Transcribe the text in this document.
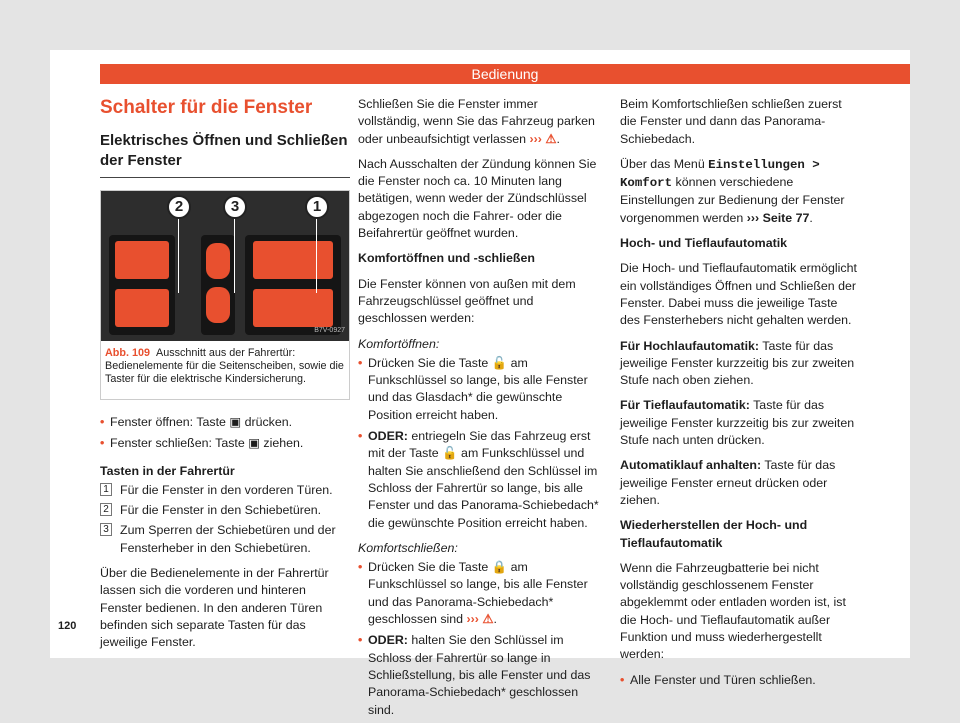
Bedienung
Schalter für die Fenster
Elektrisches Öffnen und Schließen der Fenster
2	3	1
B7V-0927
Abb. 109 Ausschnitt aus der Fahrertür: Bedienelemente für die Seitenscheiben, sowie die Taster für die elektrische Kindersicherung.
• Fenster öffnen: Taste ▣ drücken.
• Fenster schließen: Taste ▣ ziehen.

Tasten in der Fahrertür

1 Für die Fenster in den vorderen Türen.
2 Für die Fenster in den Schiebetüren.
3 Zum Sperren der Schiebetüren und der Fensterheber in den Schiebetüren.

Über die Bedienelemente in der Fahrertür lassen sich die vorderen und hinteren Fenster bedienen. In den anderen Türen befinden sich separate Tasten für das jeweilige Fenster.

Schließen Sie die Fenster immer vollständig, wenn Sie das Fahrzeug parken oder unbeaufsichtigt verlassen ››› ⚠.

Nach Ausschalten der Zündung können Sie die Fenster noch ca. 10 Minuten lang betätigen, wenn weder der Zündschlüssel abgezogen noch die Fahrer- oder die Beifahrertür geöffnet wurden.

Komfortöffnen und -schließen

Die Fenster können von außen mit dem Fahrzeugschlüssel geöffnet und geschlossen werden:

Komfortöffnen:

• Drücken Sie die Taste 🔓 am Funkschlüssel so lange, bis alle Fenster und das Glasdach* die gewünschte Position erreicht haben.
• ODER: entriegeln Sie das Fahrzeug erst mit der Taste 🔓 am Funkschlüssel und halten Sie anschließend den Schlüssel im Schloss der Fahrertür so lange, bis alle Fenster und das Panorama-Schiebedach* die gewünschte Position erreicht haben.

Komfortschließen:

• Drücken Sie die Taste 🔒 am Funkschlüssel so lange, bis alle Fenster und das Panorama-Schiebedach* geschlossen sind ››› ⚠.
• ODER: halten Sie den Schlüssel im Schloss der Fahrertür so lange in Schließstellung, bis alle Fenster und das Panorama-Schiebedach* geschlossen sind.

Beim Komfortschließen schließen zuerst die Fenster und dann das Panorama-Schiebedach.

Über das Menü Einstellungen > Komfort können verschiedene Einstellungen zur Bedienung der Fenster vorgenommen werden ››› Seite 77.

Hoch- und Tieflaufautomatik

Die Hoch- und Tieflaufautomatik ermöglicht ein vollständiges Öffnen und Schließen der Fenster. Dabei muss die jeweilige Taste des Fensterhebers nicht gehalten werden.

Für Hochlaufautomatik: Taste für das jeweilige Fenster kurzzeitig bis zur zweiten Stufe nach oben ziehen.

Für Tieflaufautomatik: Taste für das jeweilige Fenster kurzzeitig bis zur zweiten Stufe nach unten drücken.

Automatiklauf anhalten: Taste für das jeweilige Fenster erneut drücken oder ziehen.

Wiederherstellen der Hoch- und Tieflaufautomatik

Wenn die Fahrzeugbatterie bei nicht vollständig geschlossenem Fenster abgeklemmt oder entladen worden ist, ist die Hoch- und Tieflaufautomatik außer Funktion und muss wiederhergestellt werden:

• Alle Fenster und Türen schließen.
120
